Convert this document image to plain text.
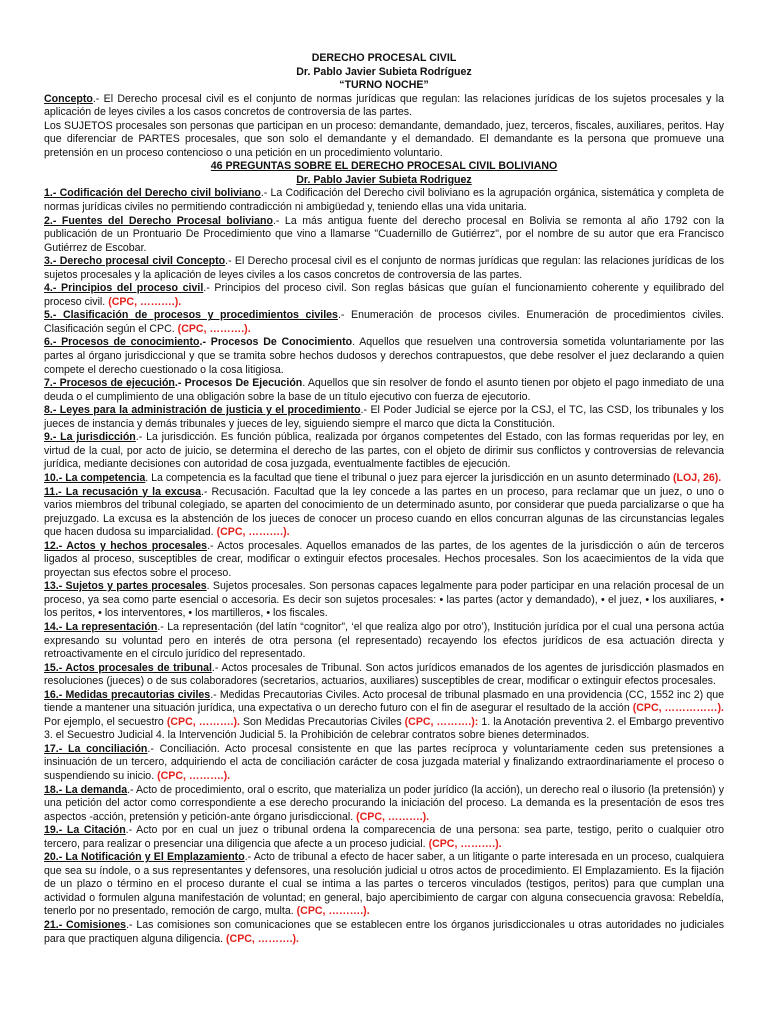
DERECHO PROCESAL CIVIL
Dr. Pablo Javier Subieta Rodríguez
“TURNO NOCHE”

Concepto.- El Derecho procesal civil es el conjunto de normas jurídicas que regulan: las relaciones jurídicas de los sujetos procesales y la aplicación de leyes civiles a los casos concretos de controversia de las partes.

Los SUJETOS procesales son personas que participan en un proceso: demandante, demandado, juez, terceros, fiscales, auxiliares, peritos. Hay que diferenciar de PARTES procesales, que son solo el demandante y el demandado. El demandante es la persona que promueve una pretensión en un proceso contencioso o una petición en un procedimiento voluntario.

46 PREGUNTAS SOBRE EL DERECHO PROCESAL CIVIL BOLIVIANO
Dr. Pablo Javier Subieta Rodriguez

1.- Codificación del Derecho civil boliviano.- La Codificación del Derecho civil boliviano es la agrupación orgánica, sistemática y completa de normas jurídicas civiles no permitiendo contradicción ni ambigüedad y, teniendo ellas una vida unitaria.

2.- Fuentes del Derecho Procesal boliviano.- La más antigua fuente del derecho procesal en Bolivia se remonta al año 1792 con la publicación de un Prontuario De Procedimiento que vino a llamarse "Cuadernillo de Gutiérrez", por el nombre de su autor que era Francisco Gutiérrez de Escobar.

3.- Derecho procesal civil Concepto.- El Derecho procesal civil es el conjunto de normas jurídicas que regulan: las relaciones jurídicas de los sujetos procesales y la aplicación de leyes civiles a los casos concretos de controversia de las partes.

4.- Principios del proceso civil.- Principios del proceso civil. Son reglas básicas que guían el funcionamiento coherente y equilibrado del proceso civil. (CPC, ……….).

5.- Clasificación de procesos y procedimientos civiles.- Enumeración de procesos civiles. Enumeración de procedimientos civiles. Clasificación según el CPC. (CPC, ……….).

6.- Procesos de conocimiento.- Procesos De Conocimiento. Aquellos que resuelven una controversia sometida voluntariamente por las partes al órgano jurisdiccional y que se tramita sobre hechos dudosos y derechos contrapuestos, que debe resolver el juez declarando a quien compete el derecho cuestionado o la cosa litigiosa.

7.- Procesos de ejecución.- Procesos De Ejecución. Aquellos que sin resolver de fondo el asunto tienen por objeto el pago inmediato de una deuda o el cumplimiento de una obligación sobre la base de un título ejecutivo con fuerza de ejecutorio.

8.- Leyes para la administración de justicia y el procedimiento.- El Poder Judicial se ejerce por la CSJ, el TC, las CSD, los tribunales y los jueces de instancia y demás tribunales y jueces de ley, siguiendo siempre el marco que dicta la Constitución.

9.- La jurisdicción.- La jurisdicción. Es función pública, realizada por órganos competentes del Estado, con las formas requeridas por ley, en virtud de la cual, por acto de juicio, se determina el derecho de las partes, con el objeto de dirimir sus conflictos y controversias de relevancia jurídica, mediante decisiones con autoridad de cosa juzgada, eventualmente factibles de ejecución.

10.- La competencia. La competencia es la facultad que tiene el tribunal o juez para ejercer la jurisdicción en un asunto determinado (LOJ, 26).

11.- La recusación y la excusa.- Recusación. Facultad que la ley concede a las partes en un proceso, para reclamar que un juez, o uno o varios miembros del tribunal colegiado, se aparten del conocimiento de un determinado asunto, por considerar que pueda parcializarse o que ha prejuzgado. La excusa es la abstención de los jueces de conocer un proceso cuando en ellos concurran algunas de las circunstancias legales que hacen dudosa su imparcialidad. (CPC, ……….).

12.- Actos y hechos procesales.- Actos procesales. Aquellos emanados de las partes, de los agentes de la jurisdicción o aún de terceros ligados al proceso, susceptibles de crear, modificar o extinguir efectos procesales. Hechos procesales. Son los acaecimientos de la vida que proyectan sus efectos sobre el proceso.

13.- Sujetos y partes procesales. Sujetos procesales. Son personas capaces legalmente para poder participar en una relación procesal de un proceso, ya sea como parte esencial o accesoria. Es decir son sujetos procesales: • las partes (actor y demandado), • el juez, • los auxiliares, • los peritos, • los interventores, • los martilleros, • los fiscales.

14.- La representación.- La representación (del latín “cognitor”, ‘el que realiza algo por otro’), Institución jurídica por el cual una persona actúa expresando su voluntad pero en interés de otra persona (el representado) recayendo los efectos jurídicos de esa actuación directa y retroactivamente en el círculo jurídico del representado.

15.- Actos procesales de tribunal.- Actos procesales de Tribunal. Son actos jurídicos emanados de los agentes de jurisdicción plasmados en resoluciones (jueces) o de sus colaboradores (secretarios, actuarios, auxiliares) susceptibles de crear, modificar o extinguir efectos procesales.

16.- Medidas precautorias civiles.- Medidas Precautorias Civiles. Acto procesal de tribunal plasmado en una providencia (CC, 1552 inc 2) que tiende a mantener una situación jurídica, una expectativa o un derecho futuro con el fin de asegurar el resultado de la acción (CPC, ……………). Por ejemplo, el secuestro (CPC, ……….). Son Medidas Precautorias Civiles (CPC, ……….): 1. la Anotación preventiva 2. el Embargo preventivo 3. el Secuestro Judicial 4. la Intervención Judicial 5. la Prohibición de celebrar contratos sobre bienes determinados.

17.- La conciliación.- Conciliación. Acto procesal consistente en que las partes recíproca y voluntariamente ceden sus pretensiones a insinuación de un tercero, adquiriendo el acta de conciliación carácter de cosa juzgada material y finalizando extraordinariamente el proceso o suspendiendo su inicio. (CPC, ……….).

18.- La demanda.- Acto de procedimiento, oral o escrito, que materializa un poder jurídico (la acción), un derecho real o ilusorio (la pretensión) y una petición del actor como correspondiente a ese derecho procurando la iniciación del proceso. La demanda es la presentación de esos tres aspectos -acción, pretensión y petición-ante órgano jurisdiccional. (CPC, ……….).

19.- La Citación.- Acto por en cual un juez o tribunal ordena la comparecencia de una persona: sea parte, testigo, perito o cualquier otro tercero, para realizar o presenciar una diligencia que afecte a un proceso judicial. (CPC, ……….).

20.- La Notificación y El Emplazamiento.- Acto de tribunal a efecto de hacer saber, a un litigante o parte interesada en un proceso, cualquiera que sea su índole, o a sus representantes y defensores, una resolución judicial u otros actos de procedimiento. El Emplazamiento. Es la fijación de un plazo o término en el proceso durante el cual se intima a las partes o terceros vinculados (testigos, peritos) para que cumplan una actividad o formulen alguna manifestación de voluntad; en general, bajo apercibimiento de cargar con alguna consecuencia gravosa: Rebeldía, tenerlo por no presentado, remoción de cargo, multa. (CPC, ……….).

21.- Comisiones.- Las comisiones son comunicaciones que se establecen entre los órganos jurisdiccionales u otras autoridades no judiciales para que practiquen alguna diligencia. (CPC, ……….).
